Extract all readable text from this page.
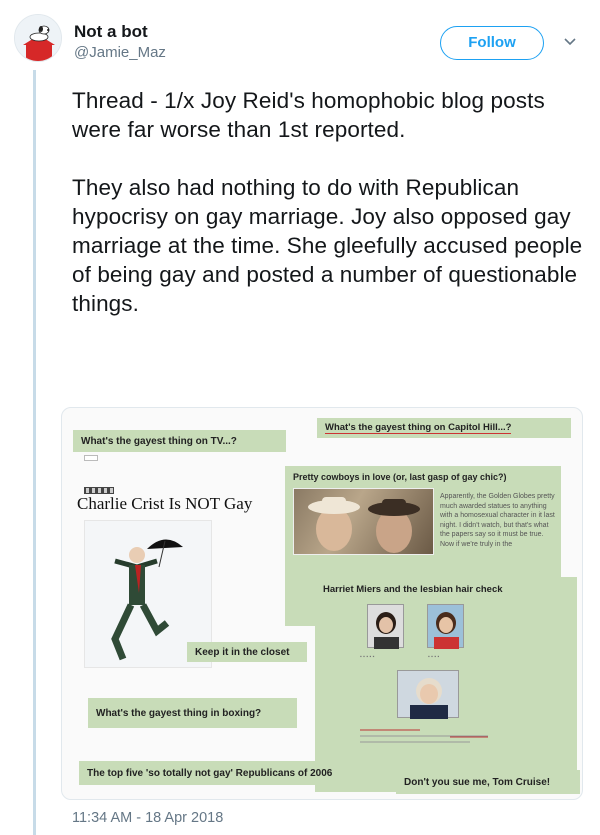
Not a bot
@Jamie_Maz
Follow
Thread - 1/x Joy Reid's homophobic blog posts were far worse than 1st reported.

They also had nothing to do with Republican hypocrisy on gay marriage. Joy also opposed gay marriage at the time. She gleefully accused people of being gay and posted a number of questionable things.
What's the gayest thing on Capitol Hill...?
What's the gayest thing on TV...?
Pretty cowboys in love (or, last gasp of gay chic?)
Apparently, the Golden Globes pretty much awarded statues to anything with a homosexual character in it last night. I didn't watch, but that's what the papers say so it must be true. Now if we're truly in the
Charlie Crist Is NOT Gay
Harriet Miers and the lesbian hair check
▪ ▪ ▪ ▪ ▪	▪ ▪ ▪ ▪
Keep it in the closet
What's the gayest thing in boxing?
The top five 'so totally not gay' Republicans of 2006
Don't you sue me, Tom Cruise!
11:34 AM - 18 Apr 2018
